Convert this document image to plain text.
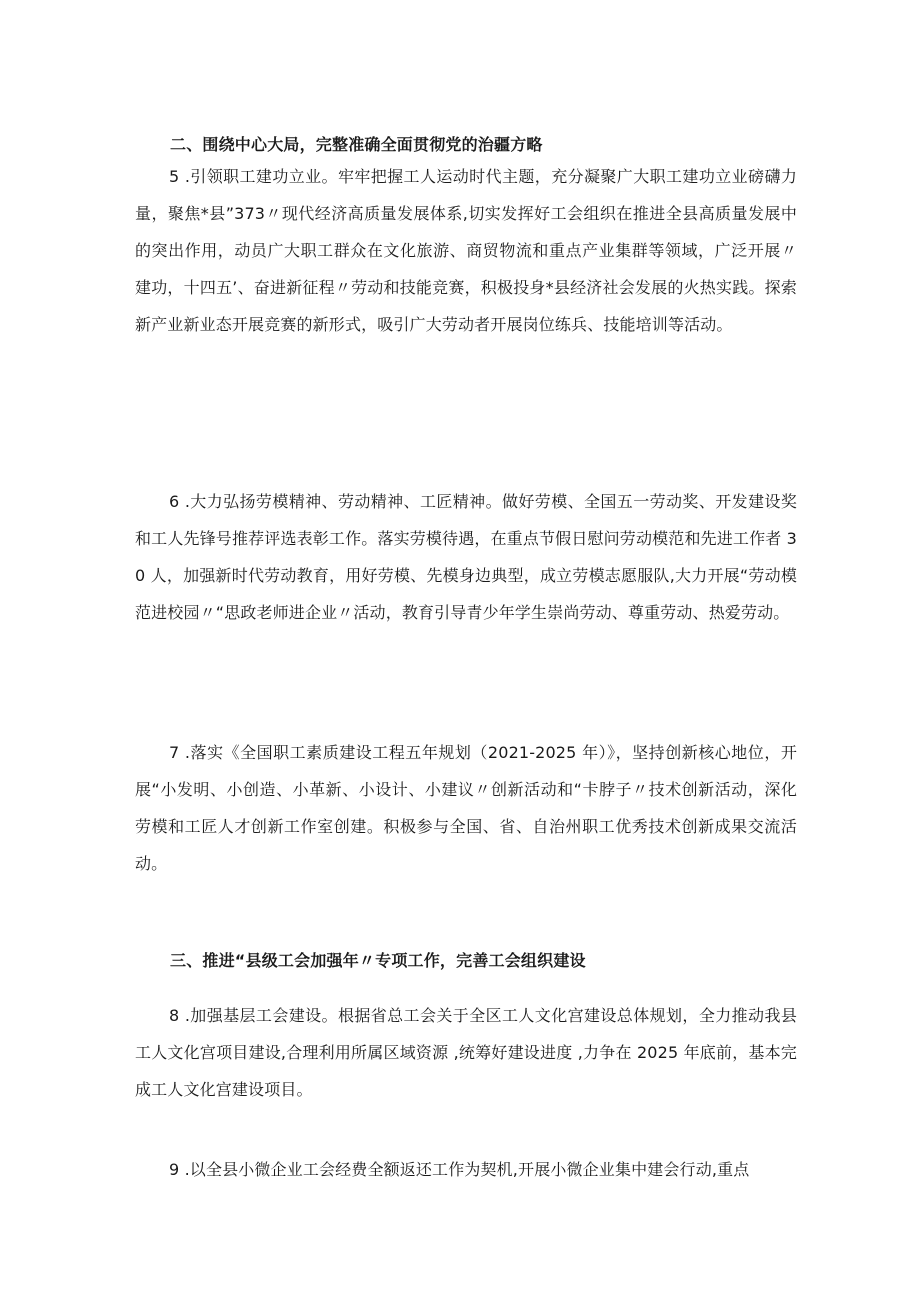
二、围绕中心大局，完整准确全面贯彻党的治疆方略
5 .引领职工建功立业。牢牢把握工人运动时代主题，充分凝聚广大职工建功立业磅礴力量，聚焦*县”373〃现代经济高质量发展体系,切实发挥好工会组织在推进全县高质量发展中的突出作用，动员广大职工群众在文化旅游、商贸物流和重点产业集群等领域，广泛开展〃建功，十四五’、奋进新征程〃劳动和技能竞赛，积极投身*县经济社会发展的火热实践。探索新产业新业态开展竞赛的新形式，吸引广大劳动者开展岗位练兵、技能培训等活动。
6 .大力弘扬劳模精神、劳动精神、工匠精神。做好劳模、全国五一劳动奖、开发建设奖和工人先锋号推荐评选表彰工作。落实劳模待遇，在重点节假日慰问劳动模范和先进工作者 30 人，加强新时代劳动教育，用好劳模、先模身边典型，成立劳模志愿服队,大力开展“劳动模范进校园〃“思政老师进企业〃活动，教育引导青少年学生崇尚劳动、尊重劳动、热爱劳动。
7 .落实《全国职工素质建设工程五年规划（2021-2025 年）》，坚持创新核心地位，开展“小发明、小创造、小革新、小设计、小建议〃创新活动和“卡脖子〃技术创新活动，深化劳模和工匠人才创新工作室创建。积极参与全国、省、自治州职工优秀技术创新成果交流活动。
三、推进“县级工会加强年〃专项工作，完善工会组织建设
8 .加强基层工会建设。根据省总工会关于全区工人文化宫建设总体规划，全力推动我县工人文化宫项目建设,合理利用所属区域资源 ,统筹好建设进度 ,力争在 2025 年底前，基本完成工人文化宫建设项目。
9 .以全县小微企业工会经费全额返还工作为契机,开展小微企业集中建会行动,重点
